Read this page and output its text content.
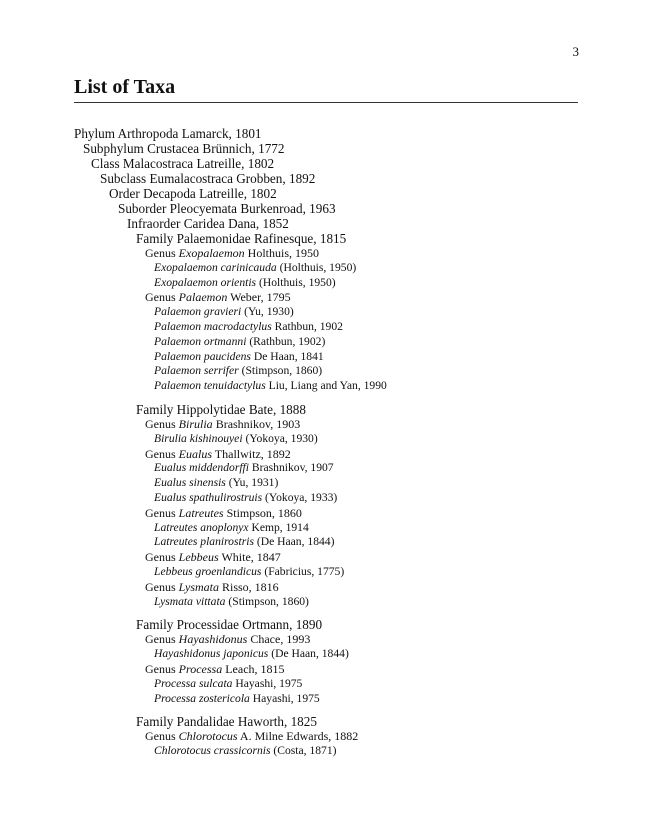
3
List of Taxa
Phylum Arthropoda Lamarck, 1801
Subphylum Crustacea Brünnich, 1772
Class Malacostraca Latreille, 1802
Subclass Eumalacostraca Grobben, 1892
Order Decapoda Latreille, 1802
Suborder Pleocyemata Burkenroad, 1963
Infraorder Caridea Dana, 1852
Family Palaemonidae Rafinesque, 1815
Genus Exopalaemon Holthuis, 1950
Exopalaemon carinicauda (Holthuis, 1950)
Exopalaemon orientis (Holthuis, 1950)
Genus Palaemon Weber, 1795
Palaemon gravieri (Yu, 1930)
Palaemon macrodactylus Rathbun, 1902
Palaemon ortmanni (Rathbun, 1902)
Palaemon paucidens De Haan, 1841
Palaemon serrifer (Stimpson, 1860)
Palaemon tenuidactylus Liu, Liang and Yan, 1990
Family Hippolytidae Bate, 1888
Genus Birulia Brashnikov, 1903
Birulia kishinouyei (Yokoya, 1930)
Genus Eualus Thallwitz, 1892
Eualus middendorffi Brashnikov, 1907
Eualus sinensis (Yu, 1931)
Eualus spathulirostruis (Yokoya, 1933)
Genus Latreutes Stimpson, 1860
Latreutes anoplonyx Kemp, 1914
Latreutes planirostris (De Haan, 1844)
Genus Lebbeus White, 1847
Lebbeus groenlandicus (Fabricius, 1775)
Genus Lysmata Risso, 1816
Lysmata vittata (Stimpson, 1860)
Family Processidae Ortmann, 1890
Genus Hayashidonus Chace, 1993
Hayashidonus japonicus (De Haan, 1844)
Genus Processa Leach, 1815
Processa sulcata Hayashi, 1975
Processa zostericola Hayashi, 1975
Family Pandalidae Haworth, 1825
Genus Chlorotocus A. Milne Edwards, 1882
Chlorotocus crassicornis (Costa, 1871)
